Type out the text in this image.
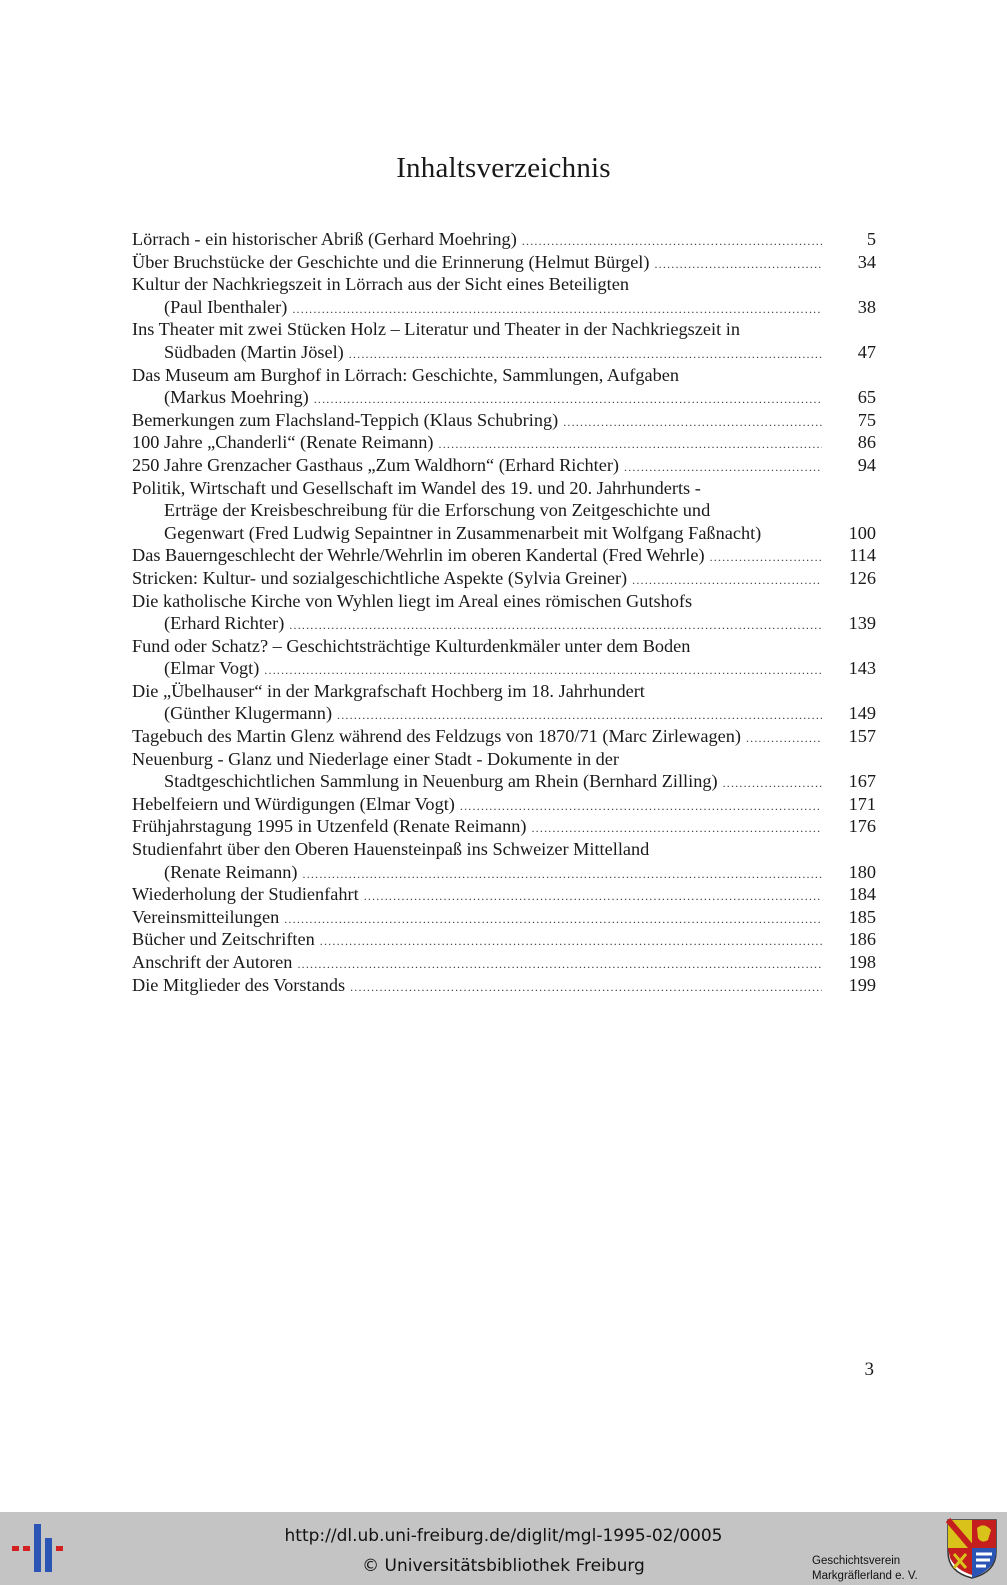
Inhaltsverzeichnis
Lörrach - ein historischer Abriß (Gerhard Moehring) .....	5
Über Bruchstücke der Geschichte und die Erinnerung (Helmut Bürgel) .....	34
Kultur der Nachkriegszeit in Lörrach aus der Sicht eines Beteiligten
(Paul Ibenthaler) .....	38
Ins Theater mit zwei Stücken Holz – Literatur und Theater in der Nachkriegszeit in
Südbaden (Martin Jösel) .....	47
Das Museum am Burghof in Lörrach: Geschichte, Sammlungen, Aufgaben
(Markus Moehring) .....	65
Bemerkungen zum Flachsland-Teppich (Klaus Schubring) .....	75
100 Jahre „Chanderli“ (Renate Reimann) .....	86
250 Jahre Grenzacher Gasthaus „Zum Waldhorn“ (Erhard Richter) .....	94
Politik, Wirtschaft und Gesellschaft im Wandel des 19. und 20. Jahrhunderts -
Erträge der Kreisbeschreibung für die Erforschung von Zeitgeschichte und
Gegenwart (Fred Ludwig Sepaintner in Zusammenarbeit mit Wolfgang Faßnacht)	100
Das Bauerngeschlecht der Wehrle/Wehrlin im oberen Kandertal (Fred Wehrle) .....	114
Stricken: Kultur- und sozialgeschichtliche Aspekte (Sylvia Greiner) .....	126
Die katholische Kirche von Wyhlen liegt im Areal eines römischen Gutshofs
(Erhard Richter) .....	139
Fund oder Schatz? – Geschichtsträchtige Kulturdenkmäler unter dem Boden
(Elmar Vogt) .....	143
Die „Übelhauser“ in der Markgrafschaft Hochberg im 18. Jahrhundert
(Günther Klugermann) .....	149
Tagebuch des Martin Glenz während des Feldzugs von 1870/71 (Marc Zirlewagen) .....	157
Neuenburg - Glanz und Niederlage einer Stadt - Dokumente in der
Stadtgeschichtlichen Sammlung in Neuenburg am Rhein (Bernhard Zilling) .....	167
Hebelfeiern und Würdigungen (Elmar Vogt) .....	171
Frühjahrstagung 1995 in Utzenfeld (Renate Reimann) .....	176
Studienfahrt über den Oberen Hauensteinpaß ins Schweizer Mittelland
(Renate Reimann) .....	180
Wiederholung der Studienfahrt .....	184
Vereinsmitteilungen .....	185
Bücher und Zeitschriften .....	186
Anschrift der Autoren .....	198
Die Mitglieder des Vorstands .....	199
3
http://dl.ub.uni-freiburg.de/diglit/mgl-1995-02/0005
© Universitätsbibliothek Freiburg	Geschichtsverein
Markgräflerland e. V.
